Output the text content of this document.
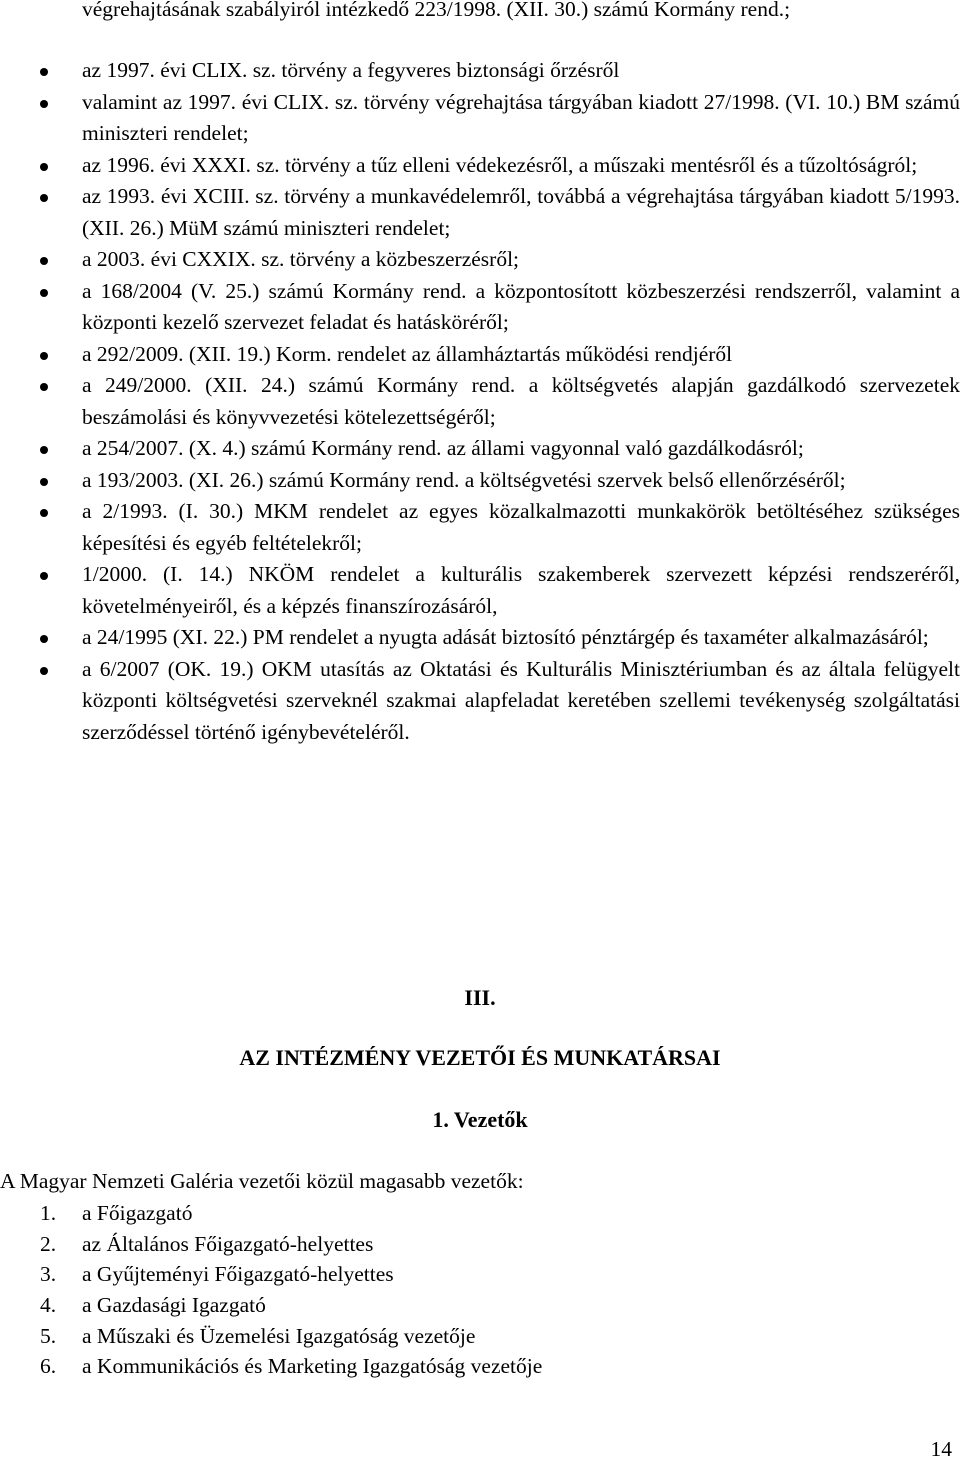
végrehajtásának szabályiról intézkedő 223/1998. (XII. 30.) számú Kormány rend.;
az 1997. évi CLIX. sz. törvény a fegyveres biztonsági őrzésről
valamint az 1997. évi CLIX. sz. törvény végrehajtása tárgyában kiadott 27/1998. (VI. 10.) BM számú miniszteri rendelet;
az 1996. évi XXXI. sz. törvény a tűz elleni védekezésről, a műszaki mentésről és a tűzoltóságról;
az 1993. évi XCIII. sz. törvény a munkavédelemről, továbbá a végrehajtása tárgyában kiadott 5/1993. (XII. 26.) MüM számú miniszteri rendelet;
a 2003. évi CXXIX. sz. törvény a közbeszerzésről;
a 168/2004 (V. 25.) számú Kormány rend. a központosított közbeszerzési rendszerről, valamint a központi kezelő szervezet feladat és hatásköréről;
a 292/2009. (XII. 19.) Korm. rendelet az államháztartás működési rendjéről
a 249/2000. (XII. 24.) számú Kormány rend. a költségvetés alapján gazdálkodó szervezetek beszámolási és könyvvezetési kötelezettségéről;
a 254/2007. (X. 4.) számú Kormány rend. az állami vagyonnal való gazdálkodásról;
a 193/2003. (XI. 26.) számú Kormány rend. a költségvetési szervek belső ellenőrzéséről;
a 2/1993. (I. 30.) MKM rendelet az egyes közalkalmazotti munkakörök betöltéséhez szükséges képesítési és egyéb feltételekről;
1/2000. (I. 14.) NKÖM rendelet a kulturális szakemberek szervezett képzési rendszeréről, követelményeiről, és a képzés finanszírozásáról,
a 24/1995 (XI. 22.) PM rendelet a nyugta adását biztosító pénztárgép és taxaméter alkalmazásáról;
a 6/2007 (OK. 19.) OKM utasítás az Oktatási és Kulturális Minisztériumban és az általa felügyelt központi költségvetési szerveknél szakmai alapfeladat keretében szellemi tevékenység szolgáltatási szerződéssel történő igénybevételéről.
III.
AZ INTÉZMÉNY VEZETŐI ÉS MUNKATÁRSAI
1. Vezetők
A Magyar Nemzeti Galéria vezetői közül magasabb vezetők:
1. a Főigazgató
2. az Általános Főigazgató-helyettes
3. a Gyűjteményi Főigazgató-helyettes
4. a Gazdasági Igazgató
5. a Műszaki és Üzemelési Igazgatóság vezetője
6. a Kommunikációs és Marketing Igazgatóság vezetője
14
